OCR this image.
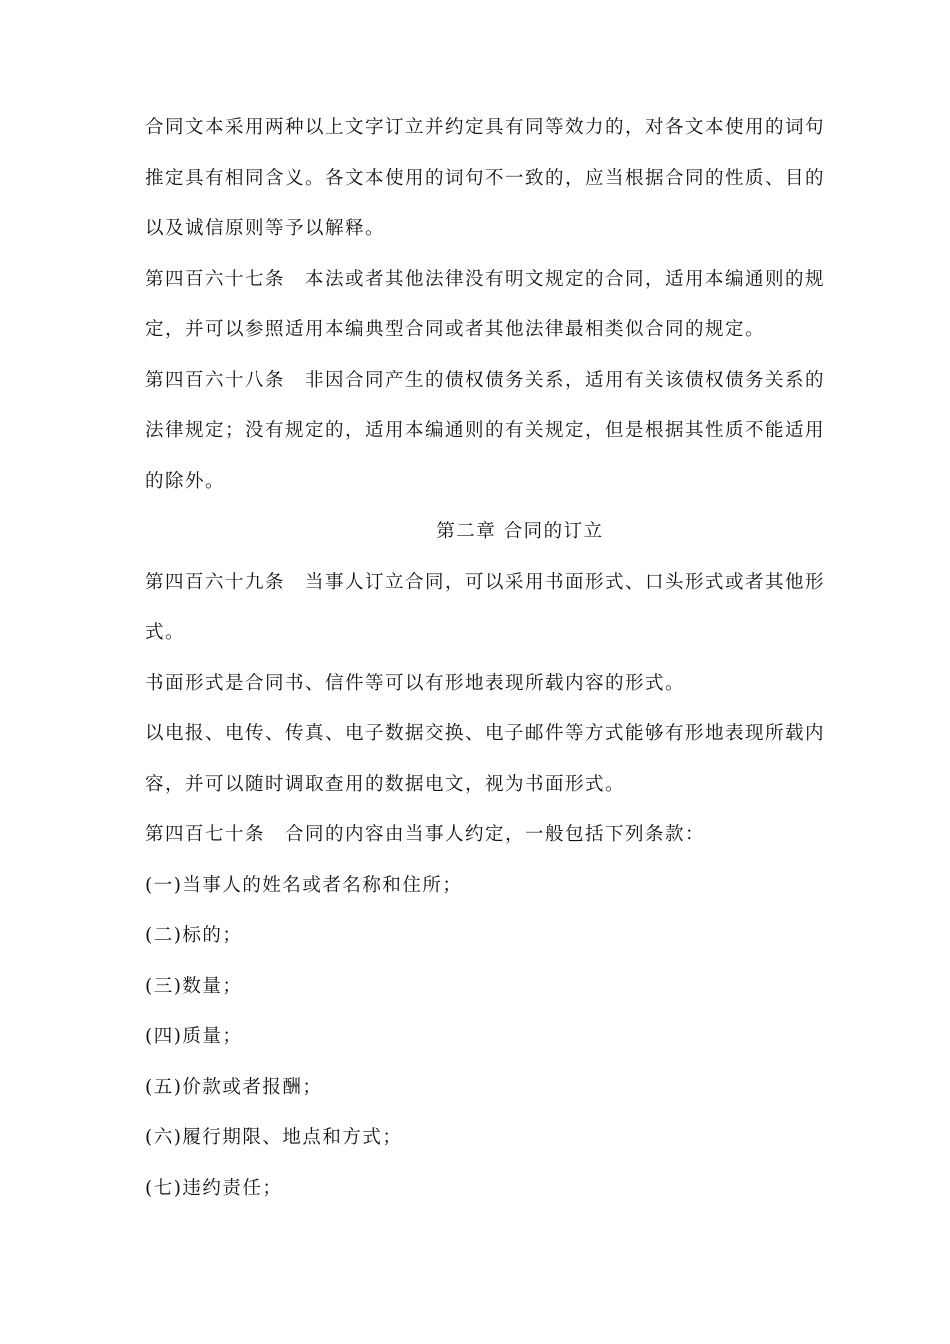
合同文本采用两种以上文字订立并约定具有同等效力的，对各文本使用的词句推定具有相同含义。各文本使用的词句不一致的，应当根据合同的性质、目的以及诚信原则等予以解释。

第四百六十七条　本法或者其他法律没有明文规定的合同，适用本编通则的规定，并可以参照适用本编典型合同或者其他法律最相类似合同的规定。

第四百六十八条　非因合同产生的债权债务关系，适用有关该债权债务关系的法律规定；没有规定的，适用本编通则的有关规定，但是根据其性质不能适用的除外。

第二章 合同的订立

第四百六十九条　当事人订立合同，可以采用书面形式、口头形式或者其他形式。

书面形式是合同书、信件等可以有形地表现所载内容的形式。

以电报、电传、传真、电子数据交换、电子邮件等方式能够有形地表现所载内容，并可以随时调取查用的数据电文，视为书面形式。

第四百七十条　合同的内容由当事人约定，一般包括下列条款：

(一)当事人的姓名或者名称和住所；

(二)标的；

(三)数量；

(四)质量；

(五)价款或者报酬；

(六)履行期限、地点和方式；

(七)违约责任；
